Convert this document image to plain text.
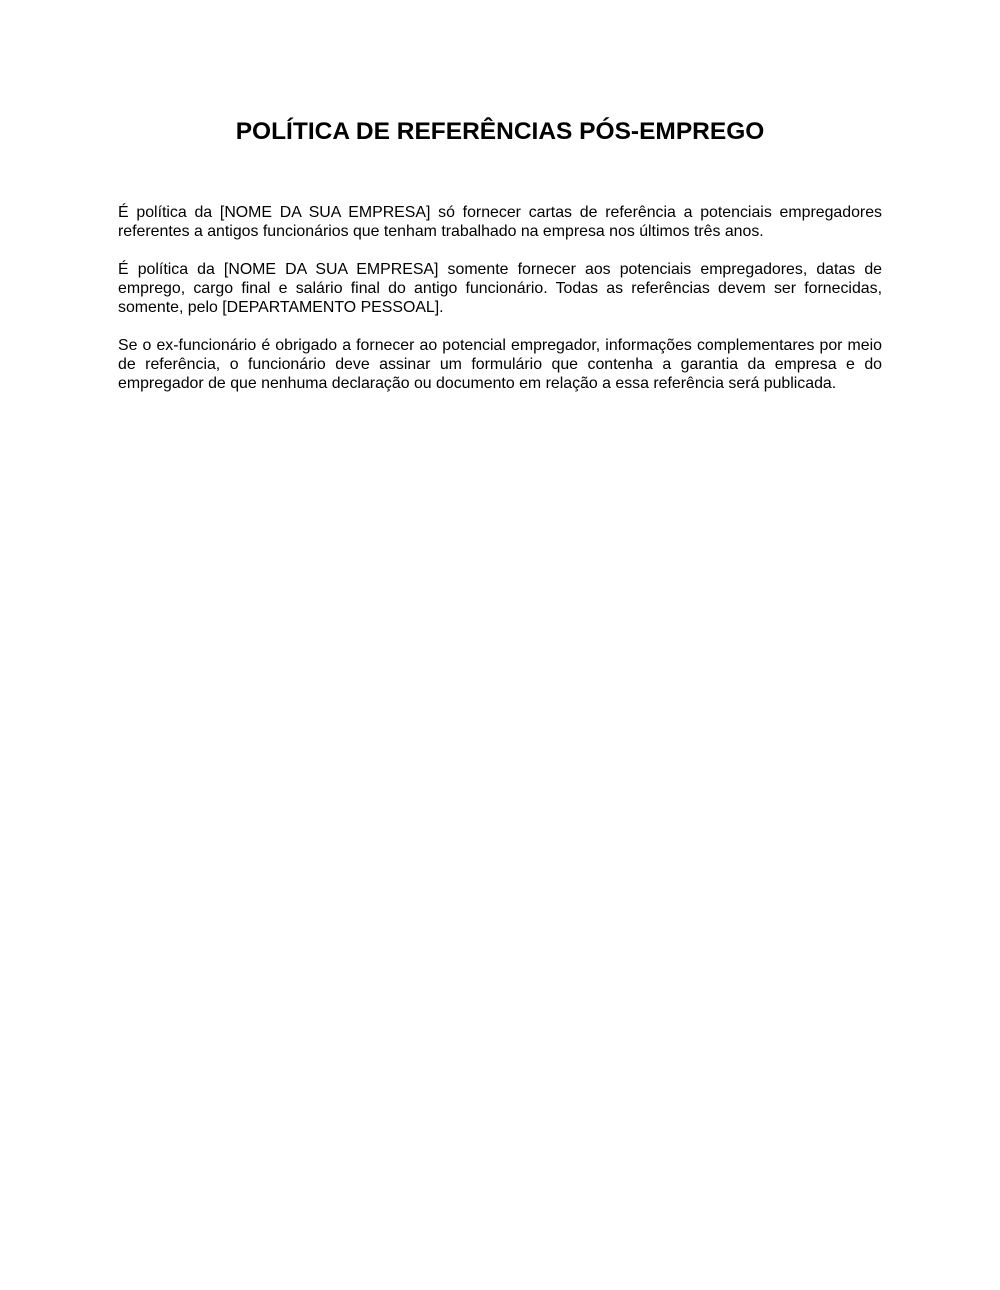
POLÍTICA DE REFERÊNCIAS PÓS-EMPREGO

É política da [NOME DA SUA EMPRESA] só fornecer cartas de referência a potenciais empregadores referentes a antigos funcionários que tenham trabalhado na empresa nos últimos três anos.

É política da [NOME DA SUA EMPRESA] somente fornecer aos potenciais empregadores, datas de emprego, cargo final e salário final do antigo funcionário. Todas as referências devem ser fornecidas, somente, pelo [DEPARTAMENTO PESSOAL].

Se o ex-funcionário é obrigado a fornecer ao potencial empregador, informações complementares por meio de referência, o funcionário deve assinar um formulário que contenha a garantia da empresa e do empregador de que nenhuma declaração ou documento em relação a essa referência será publicada.
